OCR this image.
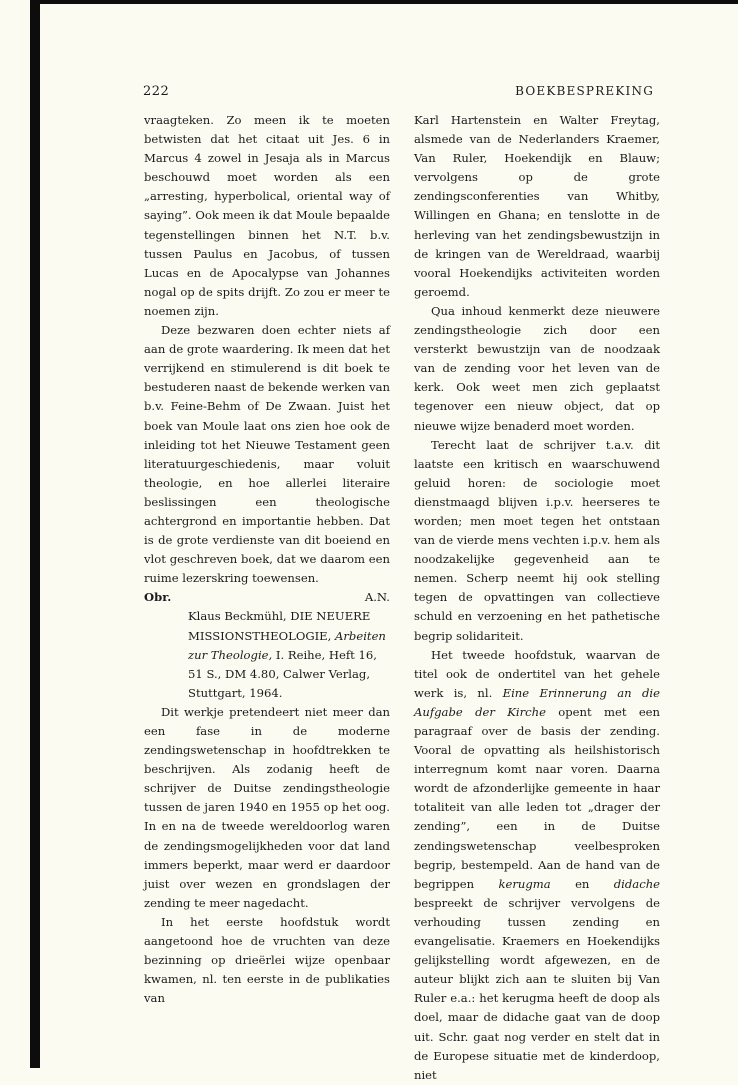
222	BOEKBESPREKING

vraagteken. Zo meen ik te moeten betwisten dat het citaat uit Jes. 6 in Marcus 4 zowel in Jesaja als in Marcus beschouwd moet worden als een „arresting, hyperbolical, oriental way of saying”. Ook meen ik dat Moule bepaalde tegenstellingen binnen het N.T. b.v. tussen Paulus en Jacobus, of tussen Lucas en de Apocalypse van Johannes nogal op de spits drijft. Zo zou er meer te noemen zijn.

Deze bezwaren doen echter niets af aan de grote waardering. Ik meen dat het verrijkend en stimulerend is dit boek te bestuderen naast de bekende werken van b.v. Feine-Behm of De Zwaan. Juist het boek van Moule laat ons zien hoe ook de inleiding tot het Nieuwe Testament geen literatuurgeschiedenis, maar voluit theologie, en hoe allerlei literaire beslissingen een theologische achtergrond en importantie hebben. Dat is de grote verdienste van dit boeiend en vlot geschreven boek, dat we daarom een ruime lezerskring toewensen.

Obr.	A.N.

Klaus Beckmühl, DIE NEUERE MISSIONSTHEOLOGIE, Arbeiten zur Theologie, I. Reihe, Heft 16, 51 S., DM 4.80, Calwer Verlag, Stuttgart, 1964.

Dit werkje pretendeert niet meer dan een fase in de moderne zendingswetenschap in hoofdtrekken te beschrijven. Als zodanig heeft de schrijver de Duitse zendingstheologie tussen de jaren 1940 en 1955 op het oog. In en na de tweede wereldoorlog waren de zendingsmogelijkheden voor dat land immers beperkt, maar werd er daardoor juist over wezen en grondslagen der zending te meer nagedacht.

In het eerste hoofdstuk wordt aangetoond hoe de vruchten van deze bezinning op drieërlei wijze openbaar kwamen, nl. ten eerste in de publikaties van

Karl Hartenstein en Walter Freytag, alsmede van de Nederlanders Kraemer, Van Ruler, Hoekendijk en Blauw; vervolgens op de grote zendingsconferenties van Whitby, Willingen en Ghana; en tenslotte in de herleving van het zendingsbewustzijn in de kringen van de Wereldraad, waarbij vooral Hoekendijks activiteiten worden geroemd.

Qua inhoud kenmerkt deze nieuwere zendingstheologie zich door een versterkt bewustzijn van de noodzaak van de zending voor het leven van de kerk. Ook weet men zich geplaatst tegenover een nieuw object, dat op nieuwe wijze benaderd moet worden.

Terecht laat de schrijver t.a.v. dit laatste een kritisch en waarschuwend geluid horen: de sociologie moet dienstmaagd blijven i.p.v. heerseres te worden; men moet tegen het ontstaan van de vierde mens vechten i.p.v. hem als noodzakelijke gegevenheid aan te nemen. Scherp neemt hij ook stelling tegen de opvattingen van collectieve schuld en verzoening en het pathetische begrip solidariteit.

Het tweede hoofdstuk, waarvan de titel ook de ondertitel van het gehele werk is, nl. Eine Erinnerung an die Aufgabe der Kirche opent met een paragraaf over de basis der zending. Vooral de opvatting als heilshistorisch interregnum komt naar voren. Daarna wordt de afzonderlijke gemeente in haar totaliteit van alle leden tot „drager der zending”, een in de Duitse zendingswetenschap veelbesproken begrip, bestempeld. Aan de hand van de begrippen kerugma en didache bespreekt de schrijver vervolgens de verhouding tussen zending en evangelisatie. Kraemers en Hoekendijks gelijkstelling wordt afgewezen, en de auteur blijkt zich aan te sluiten bij Van Ruler e.a.: het kerugma heeft de doop als doel, maar de didache gaat van de doop uit. Schr. gaat nog verder en stelt dat in de Europese situatie met de kinderdoop, niet
